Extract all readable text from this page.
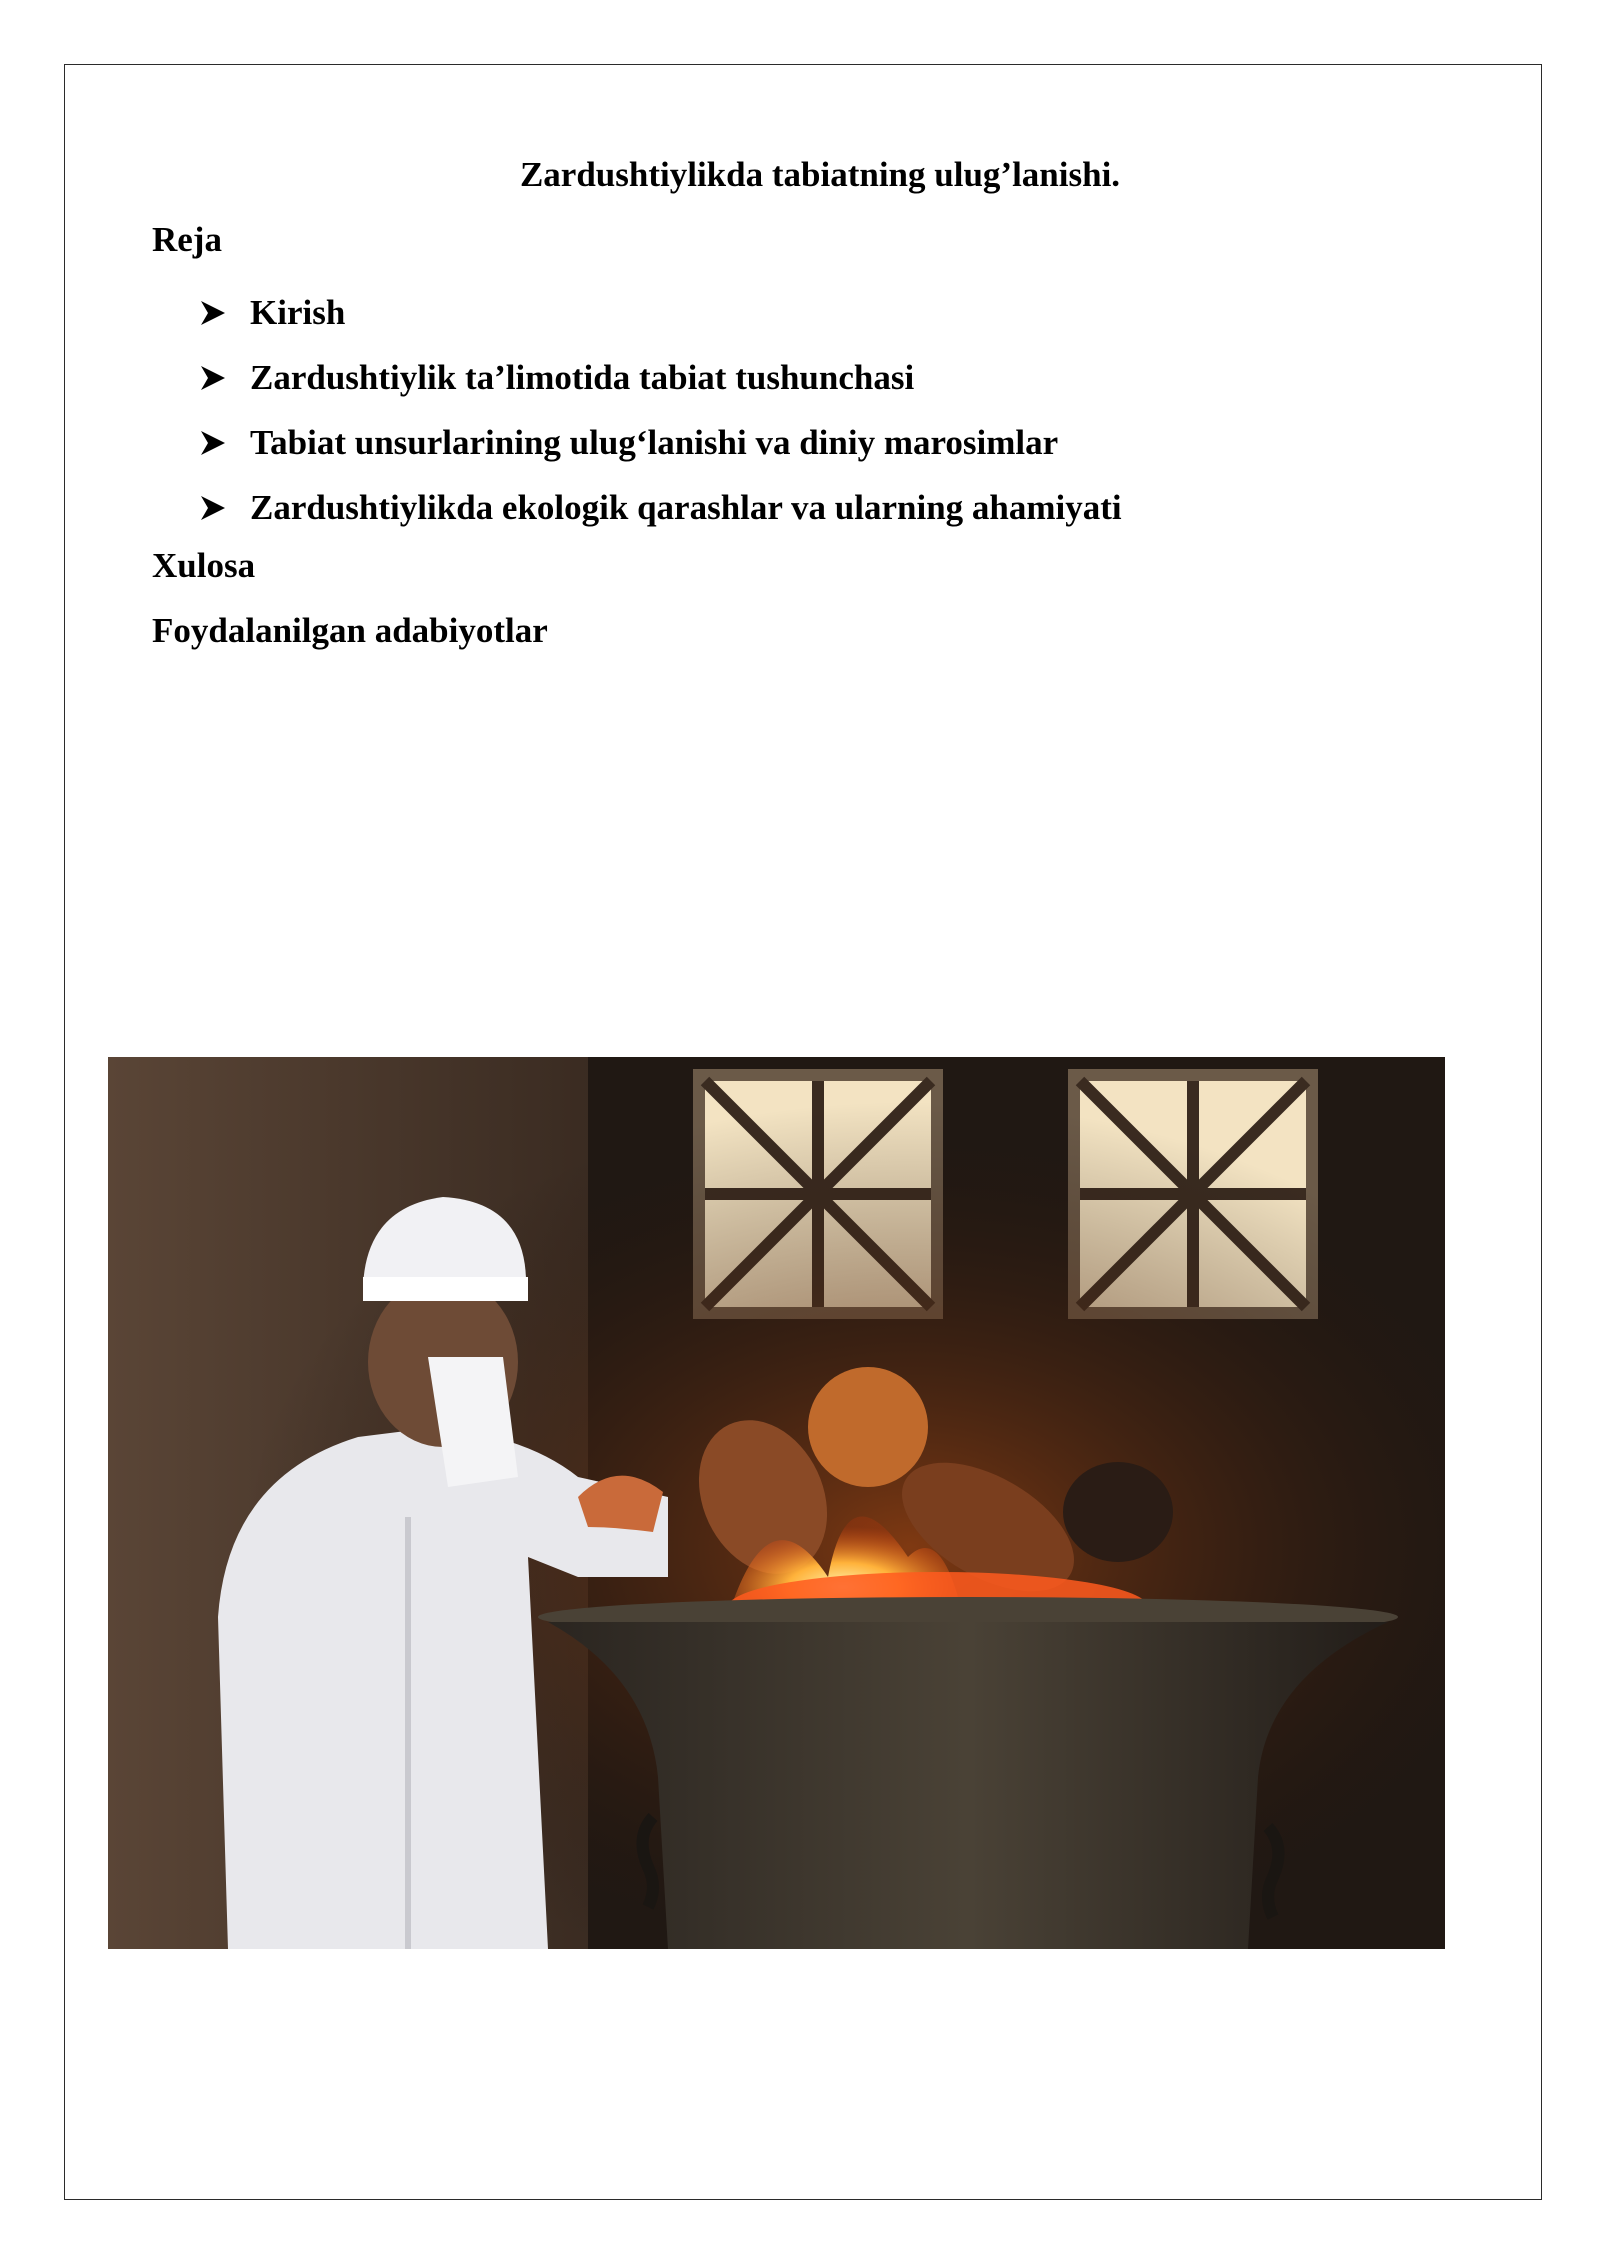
Zardushtiylikda tabiatning ulug’lanishi.

Reja

Kirish
Zardushtiylik ta’limotida tabiat tushunchasi
Tabiat unsurlarining ulug‘lanishi va diniy marosimlar
Zardushtiylikda ekologik qarashlar va ularning ahamiyati

Xulosa

Foydalanilgan adabiyotlar
